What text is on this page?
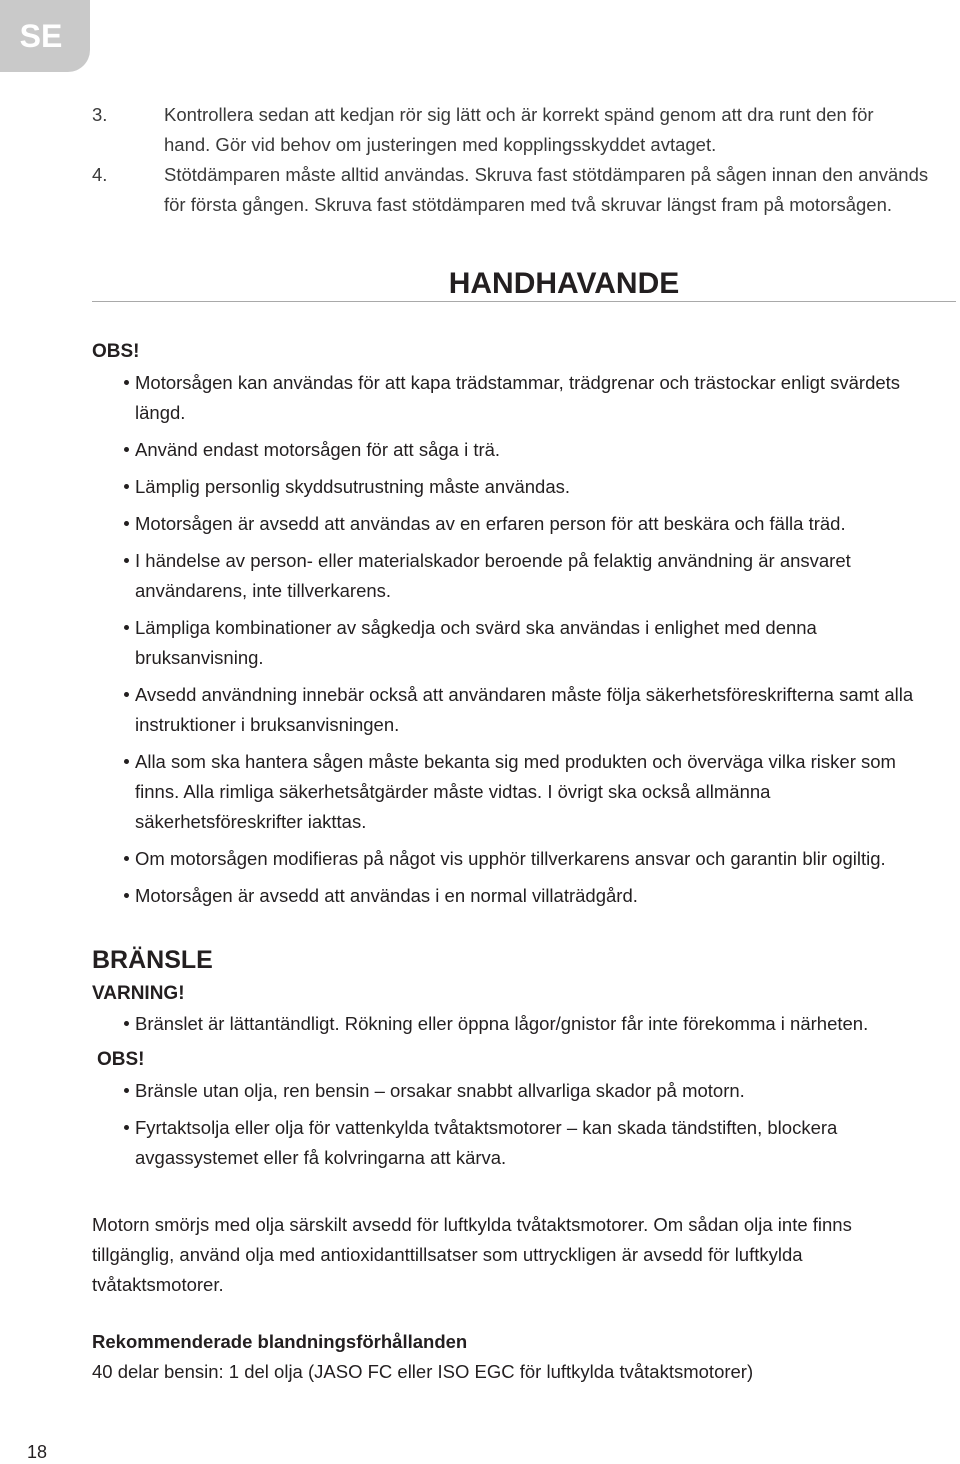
SE
3.	Kontrollera sedan att kedjan rör sig lätt och är korrekt spänd genom att dra runt den för
hand. Gör vid behov om justeringen med kopplingsskyddet avtaget.
4.	Stötdämparen måste alltid användas. Skruva fast stötdämparen på sågen innan den används
för första gången. Skruva fast stötdämparen med två skruvar längst fram på motorsågen.
HANDHAVANDE
OBS!
Motorsågen kan användas för att kapa trädstammar, trädgrenar och trästockar enligt svärdets
längd.
Använd endast motorsågen för att såga i trä.
Lämplig personlig skyddsutrustning måste användas.
Motorsågen är avsedd att användas av en erfaren person för att beskära och fälla träd.
I händelse av person- eller materialskador beroende på felaktig användning är ansvaret
användarens, inte tillverkarens.
Lämpliga kombinationer av sågkedja och svärd ska användas i enlighet med denna
bruksanvisning.
Avsedd användning innebär också att användaren måste följa säkerhetsföreskrifterna samt alla
instruktioner i bruksanvisningen.
Alla som ska hantera sågen måste bekanta sig med produkten och överväga vilka risker som
finns. Alla rimliga säkerhetsåtgärder måste vidtas. I övrigt ska också allmänna
säkerhetsföreskrifter iakttas.
Om motorsågen modifieras på något vis upphör tillverkarens ansvar och garantin blir ogiltig.
Motorsågen är avsedd att användas i en normal villaträdgård.
BRÄNSLE
VARNING!
Bränslet är lättantändligt. Rökning eller öppna lågor/gnistor får inte förekomma i närheten.
OBS!
Bränsle utan olja, ren bensin – orsakar snabbt allvarliga skador på motorn.
Fyrtaktsolja eller olja för vattenkylda tvåtaktsmotorer – kan skada tändstiften, blockera
avgassystemet eller få kolvringarna att kärva.
Motorn smörjs med olja särskilt avsedd för luftkylda tvåtaktsmotorer. Om sådan olja inte finns
tillgänglig, använd olja med antioxidanttillsatser som uttryckligen är avsedd för luftkylda
tvåtaktsmotorer.
Rekommenderade blandningsförhållanden
40 delar bensin: 1 del olja (JASO FC eller ISO EGC för luftkylda tvåtaktsmotorer)
18
